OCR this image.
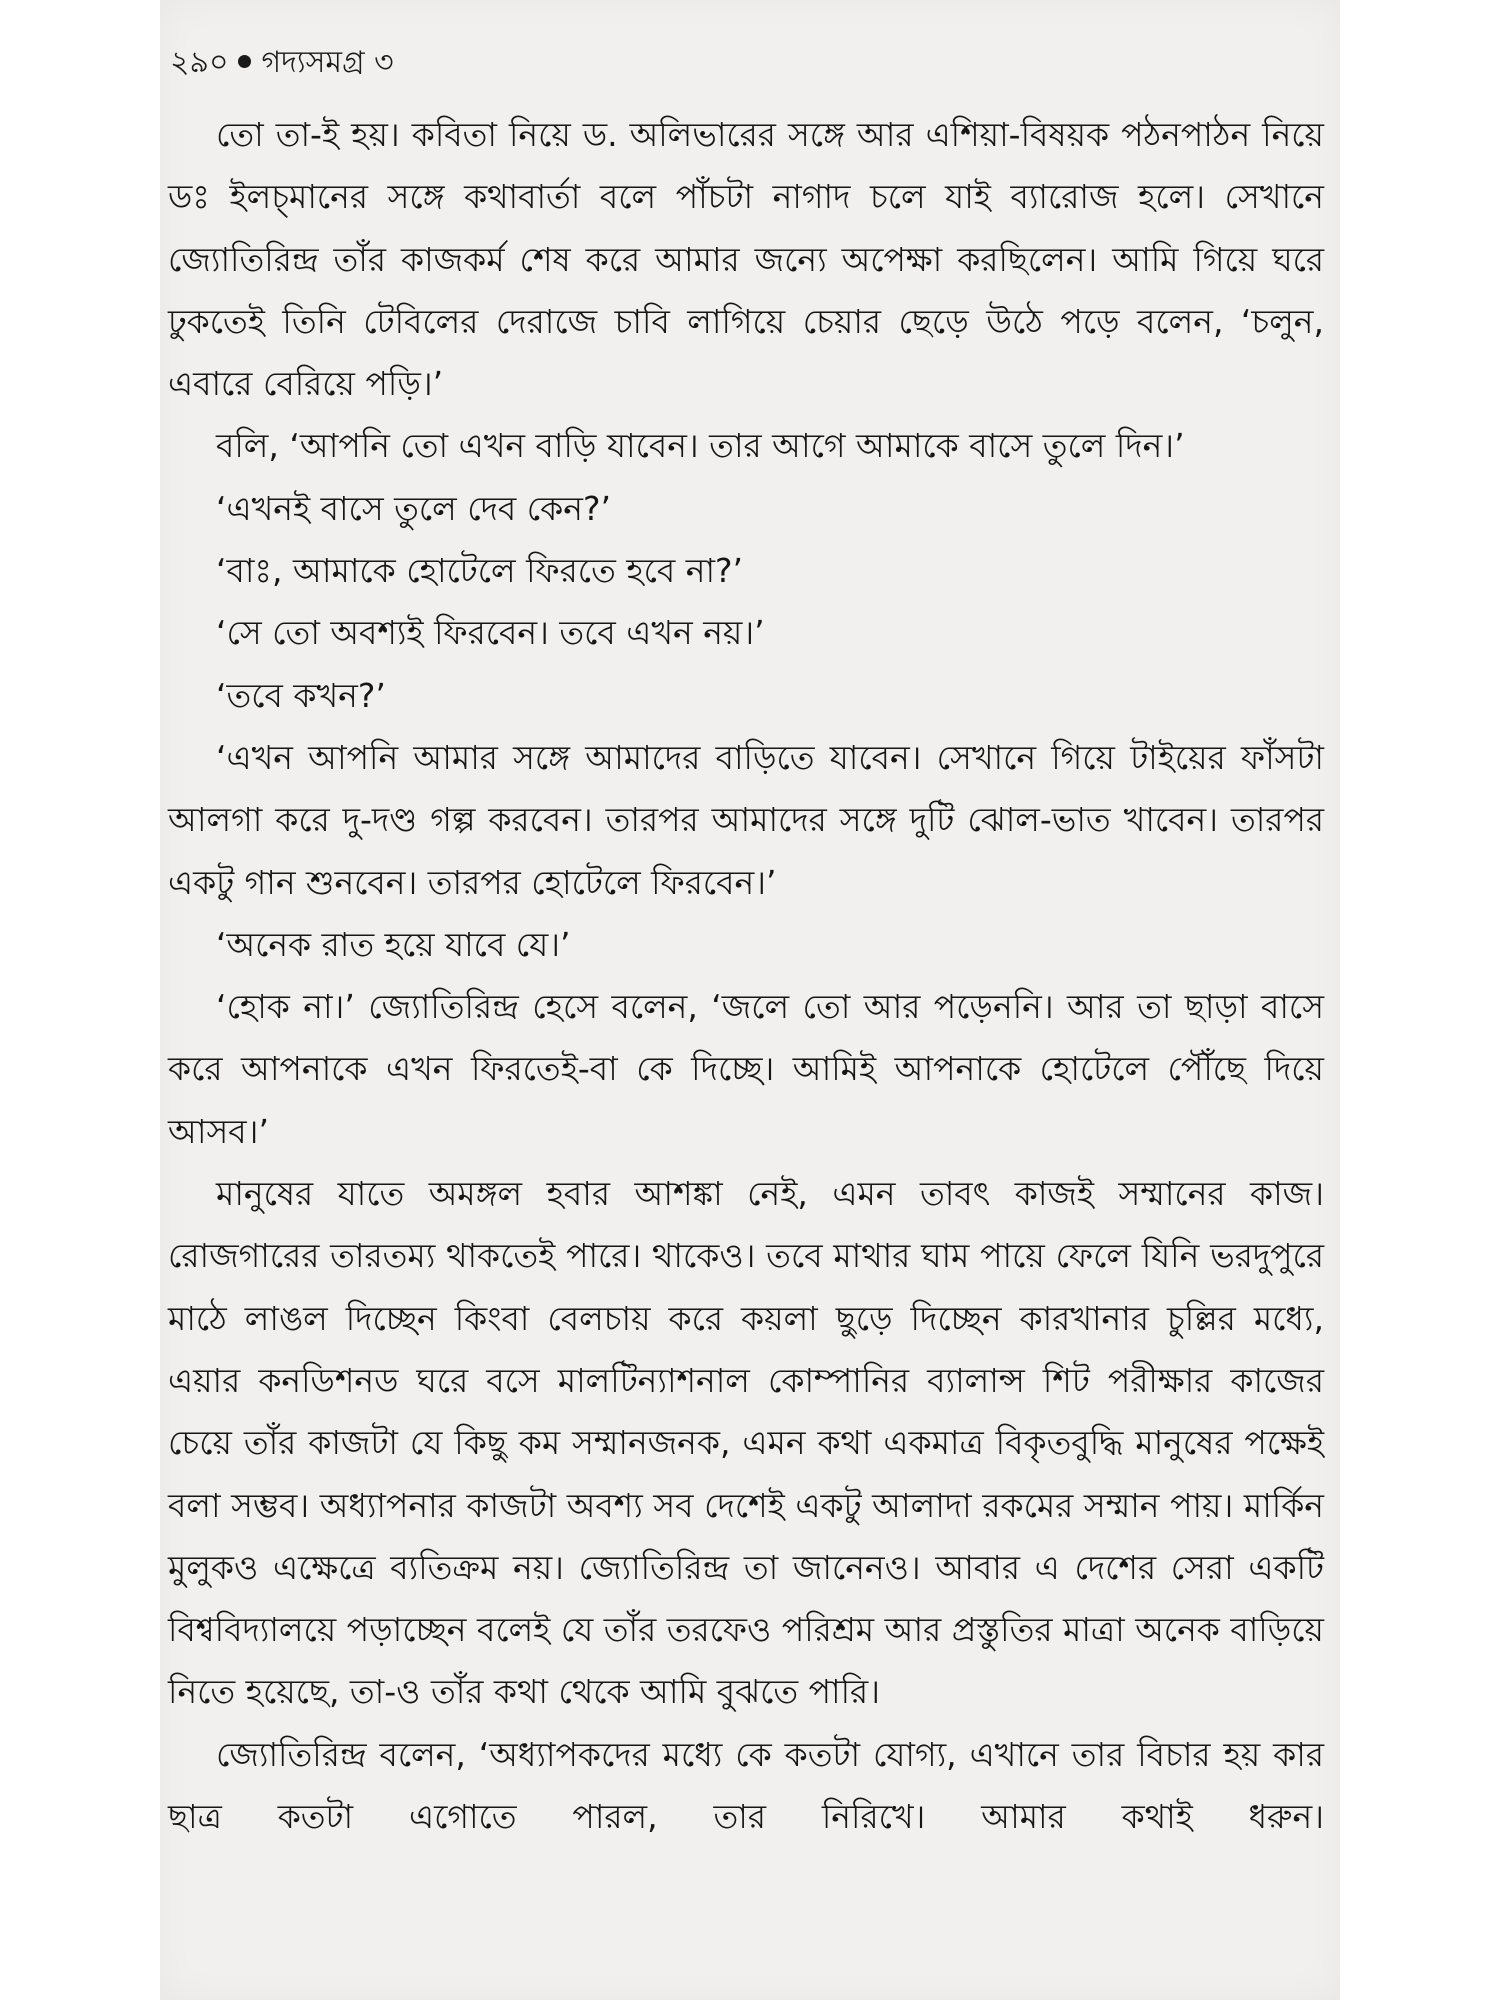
২৯০ গদ্যসমগ্র ৩

তো তা-ই হয়। কবিতা নিয়ে ড. অলিভারের সঙ্গে আর এশিয়া-বিষয়ক পঠনপাঠন নিয়ে ডঃ ইলচ্মানের সঙ্গে কথাবার্তা বলে পাঁচটা নাগাদ চলে যাই ব্যারোজ হলে। সেখানে জ্যোতিরিন্দ্র তাঁর কাজকর্ম শেষ করে আমার জন্যে অপেক্ষা করছিলেন। আমি গিয়ে ঘরে ঢুকতেই তিনি টেবিলের দেরাজে চাবি লাগিয়ে চেয়ার ছেড়ে উঠে পড়ে বলেন, ‘চলুন, এবারে বেরিয়ে পড়ি।’

বলি, ‘আপনি তো এখন বাড়ি যাবেন। তার আগে আমাকে বাসে তুলে দিন।’

‘এখনই বাসে তুলে দেব কেন?’

‘বাঃ, আমাকে হোটেলে ফিরতে হবে না?’

‘সে তো অবশ্যই ফিরবেন। তবে এখন নয়।’

‘তবে কখন?’

‘এখন আপনি আমার সঙ্গে আমাদের বাড়িতে যাবেন। সেখানে গিয়ে টাইয়ের ফাঁসটা আলগা করে দু-দণ্ড গল্প করবেন। তারপর আমাদের সঙ্গে দুটি ঝোল-ভাত খাবেন। তারপর একটু গান শুনবেন। তারপর হোটেলে ফিরবেন।’

‘অনেক রাত হয়ে যাবে যে।’

‘হোক না।’ জ্যোতিরিন্দ্র হেসে বলেন, ‘জলে তো আর পড়েননি। আর তা ছাড়া বাসে করে আপনাকে এখন ফিরতেই-বা কে দিচ্ছে। আমিই আপনাকে হোটেলে পৌঁছে দিয়ে আসব।’

মানুষের যাতে অমঙ্গল হবার আশঙ্কা নেই, এমন তাবৎ কাজই সম্মানের কাজ। রোজগারের তারতম্য থাকতেই পারে। থাকেও। তবে মাথার ঘাম পায়ে ফেলে যিনি ভরদুপুরে মাঠে লাঙল দিচ্ছেন কিংবা বেলচায় করে কয়লা ছুড়ে দিচ্ছেন কারখানার চুল্লির মধ্যে, এয়ার কনডিশনড ঘরে বসে মালটিন্যাশনাল কোম্পানির ব্যালান্স শিট পরীক্ষার কাজের চেয়ে তাঁর কাজটা যে কিছু কম সম্মানজনক, এমন কথা একমাত্র বিকৃতবুদ্ধি মানুষের পক্ষেই বলা সম্ভব। অধ্যাপনার কাজটা অবশ্য সব দেশেই একটু আলাদা রকমের সম্মান পায়। মার্কিন মুলুকও এক্ষেত্রে ব্যতিক্রম নয়। জ্যোতিরিন্দ্র তা জানেনও। আবার এ দেশের সেরা একটি বিশ্ববিদ্যালয়ে পড়াচ্ছেন বলেই যে তাঁর তরফেও পরিশ্রম আর প্রস্তুতির মাত্রা অনেক বাড়িয়ে নিতে হয়েছে, তা-ও তাঁর কথা থেকে আমি বুঝতে পারি।

জ্যোতিরিন্দ্র বলেন, ‘অধ্যাপকদের মধ্যে কে কতটা যোগ্য, এখানে তার বিচার হয় কার ছাত্র কতটা এগোতে পারল, তার নিরিখে। আমার কথাই ধরুন।
